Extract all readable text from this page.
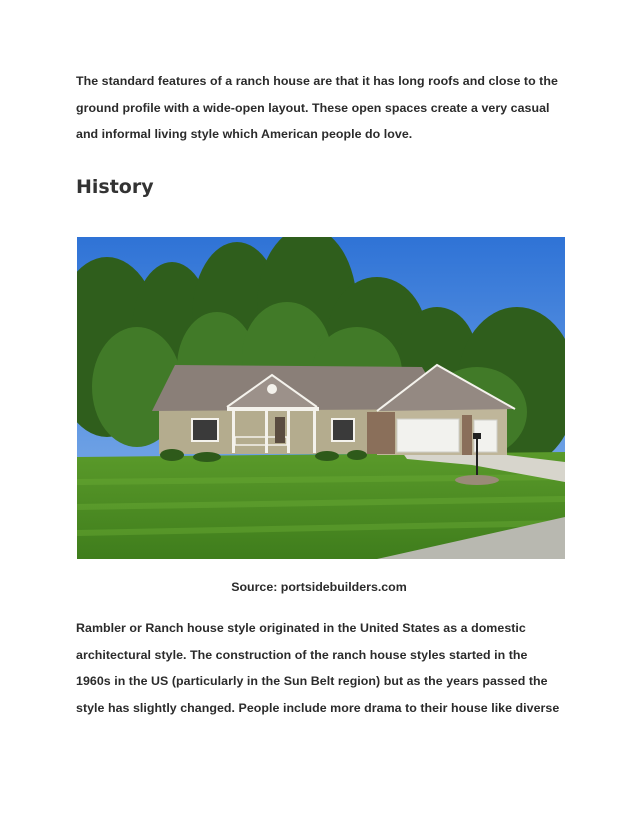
The standard features of a ranch house are that it has long roofs and close to the
ground profile with a wide-open layout. These open spaces create a very casual
and informal living style which American people do love.

History

Source: portsidebuilders.com

Rambler or Ranch house style originated in the United States as a domestic
architectural style. The construction of the ranch house styles started in the
1960s in the US (particularly in the Sun Belt region) but as the years passed the
style has slightly changed. People include more drama to their house like diverse
